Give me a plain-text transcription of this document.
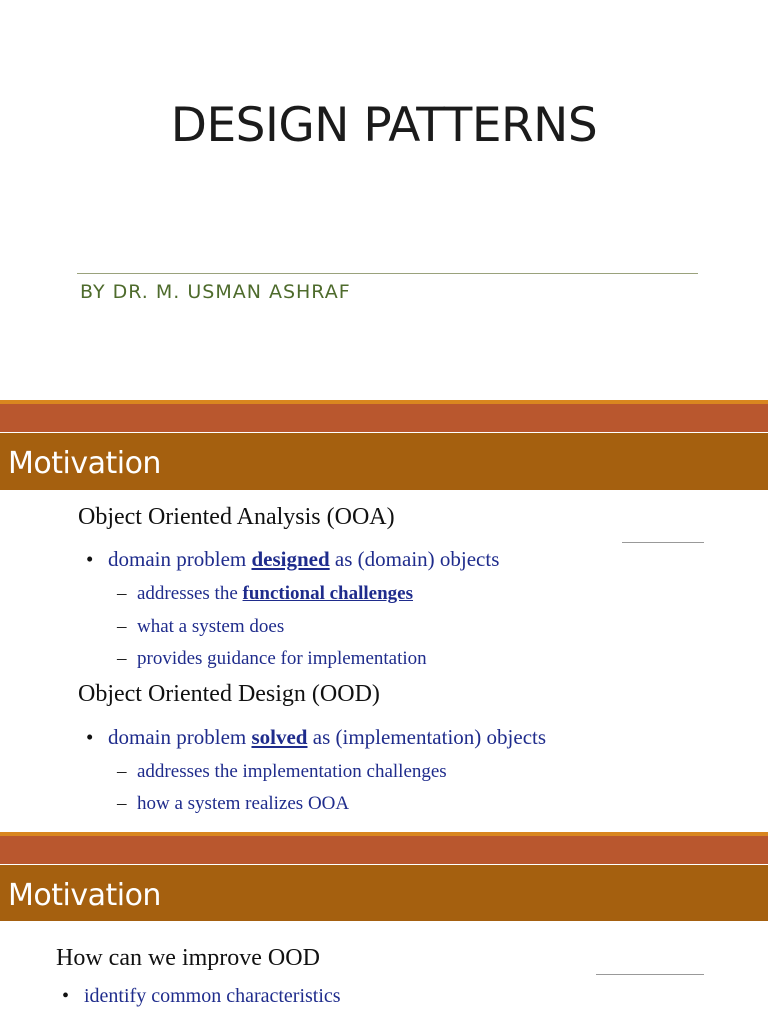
DESIGN PATTERNS
BY DR. M. USMAN ASHRAF
Motivation
Object Oriented Analysis (OOA)
• domain problem designed as (domain) objects
– addresses the functional challenges
– what a system does
– provides guidance for implementation
Object Oriented Design (OOD)
• domain problem solved as (implementation) objects
– addresses the implementation challenges
– how a system realizes OOA
Motivation
How can we improve OOD
• identify common characteristics
